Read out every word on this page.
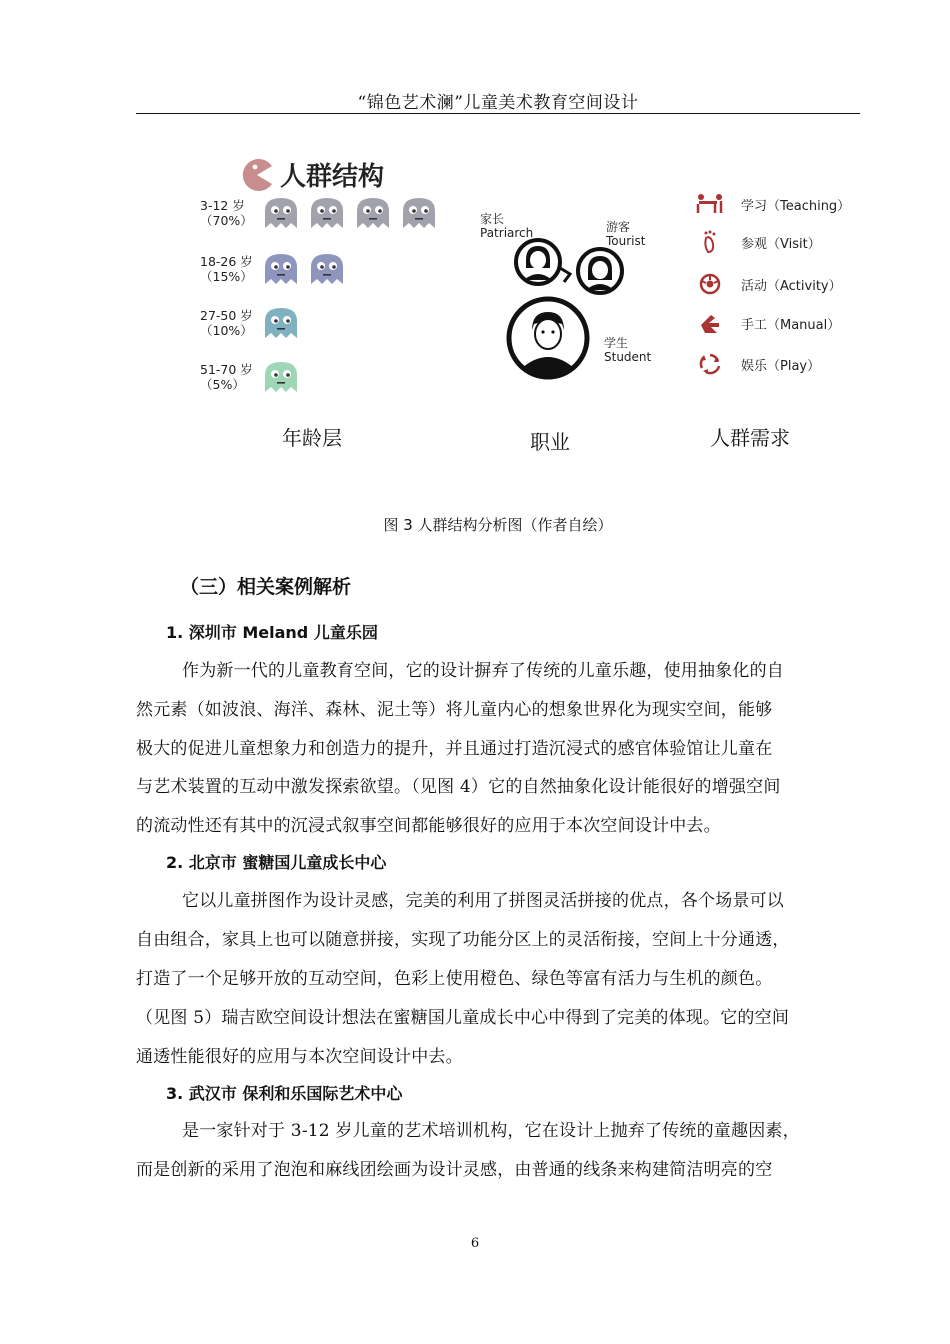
“锦色艺术澜”儿童美术教育空间设计
人群结构
3-12 岁
（70%）
18-26 岁
（15%）
27-50 岁
（10%）
51-70 岁
（5%）
家长
Patriarch	游客
Tourist
学生
Student
学习（Teaching）
参观（Visit）
活动（Activity）
手工（Manual）
娱乐（Play）
年龄层	职业	人群需求
图 3 人群结构分析图（作者自绘）
（三）相关案例解析
1. 深圳市 Meland 儿童乐园
作为新一代的儿童教育空间，它的设计摒弃了传统的儿童乐趣，使用抽象化的自
然元素（如波浪、海洋、森林、泥土等）将儿童内心的想象世界化为现实空间，能够
极大的促进儿童想象力和创造力的提升，并且通过打造沉浸式的感官体验馆让儿童在
与艺术装置的互动中激发探索欲望。（见图 4）它的自然抽象化设计能很好的增强空间
的流动性还有其中的沉浸式叙事空间都能够很好的应用于本次空间设计中去。
2. 北京市 蜜糖国儿童成长中心
它以儿童拼图作为设计灵感，完美的利用了拼图灵活拼接的优点，各个场景可以
自由组合，家具上也可以随意拼接，实现了功能分区上的灵活衔接，空间上十分通透，
打造了一个足够开放的互动空间，色彩上使用橙色、绿色等富有活力与生机的颜色。
（见图 5）瑞吉欧空间设计想法在蜜糖国儿童成长中心中得到了完美的体现。它的空间
通透性能很好的应用与本次空间设计中去。
3. 武汉市 保利和乐国际艺术中心
是一家针对于 3-12 岁儿童的艺术培训机构，它在设计上抛弃了传统的童趣因素，
而是创新的采用了泡泡和麻线团绘画为设计灵感，由普通的线条来构建简洁明亮的空
6
